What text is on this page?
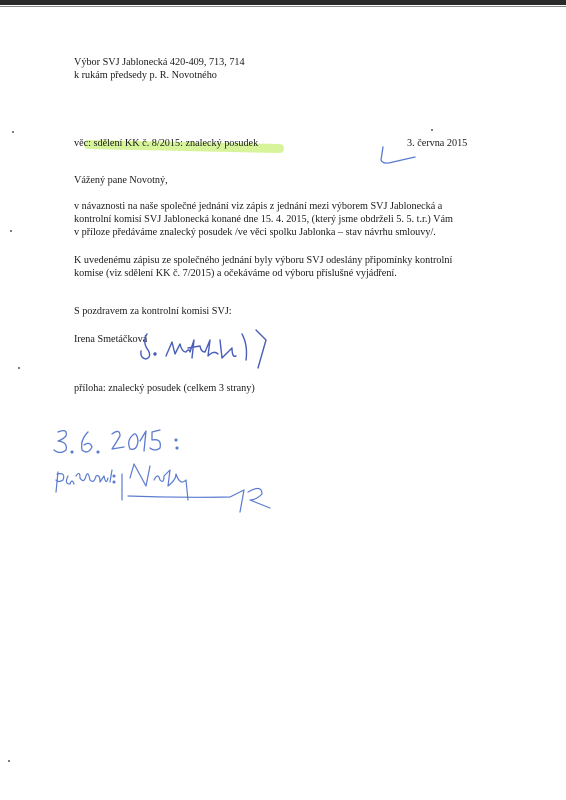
Výbor SVJ Jablonecká 420-409, 713, 714
k rukám předsedy p. R. Novotného
věc: sdělení KK č. 8/2015: znalecký posudek	3. června 2015
Vážený pane Novotný,
v návaznosti na naše společné jednání viz zápis z jednání mezi výborem SVJ Jablonecká a
kontrolní komisí SVJ Jablonecká konané dne 15. 4. 2015, (který jsme obdrželi 5. 5. t.r.) Vám
v příloze předáváme znalecký posudek /ve věci spolku Jablonka – stav návrhu smlouvy/.
K uvedenému zápisu ze společného jednání byly výboru SVJ odeslány připomínky kontrolní
komise (viz sdělení KK č. 7/2015) a očekáváme od výboru příslušné vyjádření.
S pozdravem za kontrolní komisi SVJ:
Irena Smetáčková
příloha: znalecký posudek (celkem 3 strany)
